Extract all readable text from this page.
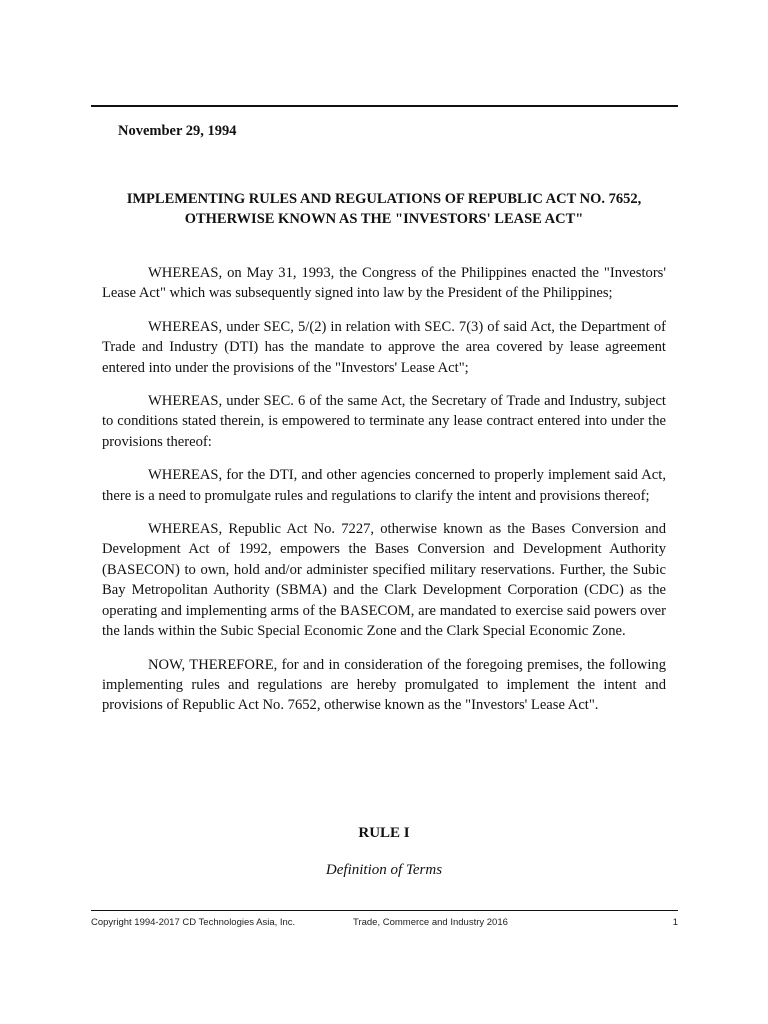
November 29, 1994

IMPLEMENTING RULES AND REGULATIONS OF REPUBLIC ACT NO. 7652,
OTHERWISE KNOWN AS THE "INVESTORS' LEASE ACT"

WHEREAS, on May 31, 1993, the Congress of the Philippines enacted the "Investors' Lease Act" which was subsequently signed into law by the President of the Philippines;

WHEREAS, under SEC, 5/(2) in relation with SEC. 7(3) of said Act, the Department of Trade and Industry (DTI) has the mandate to approve the area covered by lease agreement entered into under the provisions of the "Investors' Lease Act";

WHEREAS, under SEC. 6 of the same Act, the Secretary of Trade and Industry, subject to conditions stated therein, is empowered to terminate any lease contract entered into under the provisions thereof:

WHEREAS, for the DTI, and other agencies concerned to properly implement said Act, there is a need to promulgate rules and regulations to clarify the intent and provisions thereof;

WHEREAS, Republic Act No. 7227, otherwise known as the Bases Conversion and Development Act of 1992, empowers the Bases Conversion and Development Authority (BASECON) to own, hold and/or administer specified military reservations. Further, the Subic Bay Metropolitan Authority (SBMA) and the Clark Development Corporation (CDC) as the operating and implementing arms of the BASECOM, are mandated to exercise said powers over the lands within the Subic Special Economic Zone and the Clark Special Economic Zone.

NOW, THEREFORE, for and in consideration of the foregoing premises, the following implementing rules and regulations are hereby promulgated to implement the intent and provisions of Republic Act No. 7652, otherwise known as the "Investors' Lease Act".

RULE I

Definition of Terms

Copyright 1994-2017 CD Technologies Asia, Inc.	Trade, Commerce and Industry 2016	1
